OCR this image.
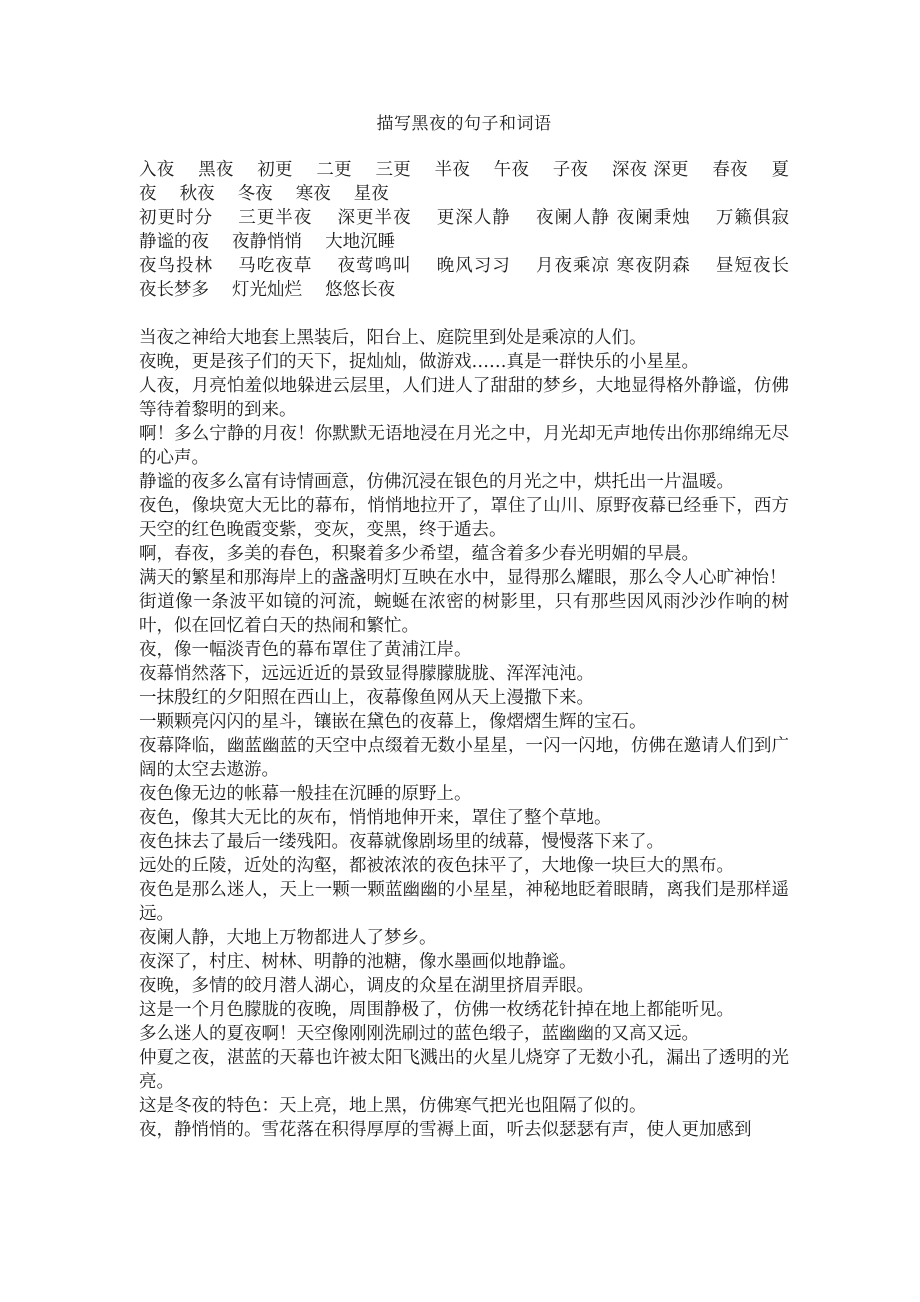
描写黑夜的句子和词语

入夜　 黑夜　 初更　 二更　 三更　 半夜　 午夜　 子夜　 深夜 深更　 春夜　 夏夜　 秋夜　 冬夜　 寒夜　 星夜

初更时分　 三更半夜　 深更半夜　 更深人静　 夜阑人静 夜阑秉烛　 万籁俱寂　 静谧的夜　 夜静悄悄　 大地沉睡

夜鸟投林　 马吃夜草　 夜莺鸣叫　 晚风习习　 月夜乘凉 寒夜阴森　 昼短夜长　 夜长梦多　 灯光灿烂　 悠悠长夜

当夜之神给大地套上黑装后，阳台上、庭院里到处是乘凉的人们。

夜晚，更是孩子们的天下，捉灿灿，做游戏……真是一群快乐的小星星。

人夜，月亮怕羞似地躲进云层里，人们进人了甜甜的梦乡，大地显得格外静谧，仿佛等待着黎明的到来。

啊！多么宁静的月夜！你默默无语地浸在月光之中，月光却无声地传出你那绵绵无尽的心声。

静谧的夜多么富有诗情画意，仿佛沉浸在银色的月光之中，烘托出一片温暖。

夜色，像块宽大无比的幕布，悄悄地拉开了，罩住了山川、原野夜幕已经垂下，西方天空的红色晚霞变紫，变灰，变黑，终于遁去。

啊，春夜，多美的春色，积聚着多少希望，蕴含着多少春光明媚的早晨。

满天的繁星和那海岸上的盏盏明灯互映在水中，显得那么耀眼，那么令人心旷神怡！

街道像一条波平如镜的河流，蜿蜒在浓密的树影里，只有那些因风雨沙沙作响的树叶，似在回忆着白天的热闹和繁忙。

夜，像一幅淡青色的幕布罩住了黄浦江岸。

夜幕悄然落下，远远近近的景致显得朦朦胧胧、浑浑沌沌。

一抹殷红的夕阳照在西山上，夜幕像鱼网从天上漫撒下来。

一颗颗亮闪闪的星斗，镶嵌在黛色的夜幕上，像熠熠生辉的宝石。

夜幕降临，幽蓝幽蓝的天空中点缀着无数小星星，一闪一闪地，仿佛在邀请人们到广阔的太空去遨游。

夜色像无边的帐幕一般挂在沉睡的原野上。

夜色，像其大无比的灰布，悄悄地伸开来，罩住了整个草地。

夜色抹去了最后一缕残阳。夜幕就像剧场里的绒幕，慢慢落下来了。

远处的丘陵，近处的沟壑，都被浓浓的夜色抹平了，大地像一块巨大的黑布。

夜色是那么迷人，天上一颗一颗蓝幽幽的小星星，神秘地眨着眼睛，离我们是那样遥远。

夜阑人静，大地上万物都进人了梦乡。

夜深了，村庄、树林、明静的池糖，像水墨画似地静谧。

夜晚，多情的皎月潜人湖心，调皮的众星在湖里挤眉弄眼。

这是一个月色朦胧的夜晚，周围静极了，仿佛一枚绣花针掉在地上都能听见。

多么迷人的夏夜啊！天空像刚刚洗刷过的蓝色缎子，蓝幽幽的又高又远。

仲夏之夜，湛蓝的天幕也许被太阳飞溅出的火星儿烧穿了无数小孔，漏出了透明的光亮。

这是冬夜的特色：天上亮，地上黑，仿佛寒气把光也阻隔了似的。

夜，静悄悄的。雪花落在积得厚厚的雪褥上面，听去似瑟瑟有声，使人更加感到
